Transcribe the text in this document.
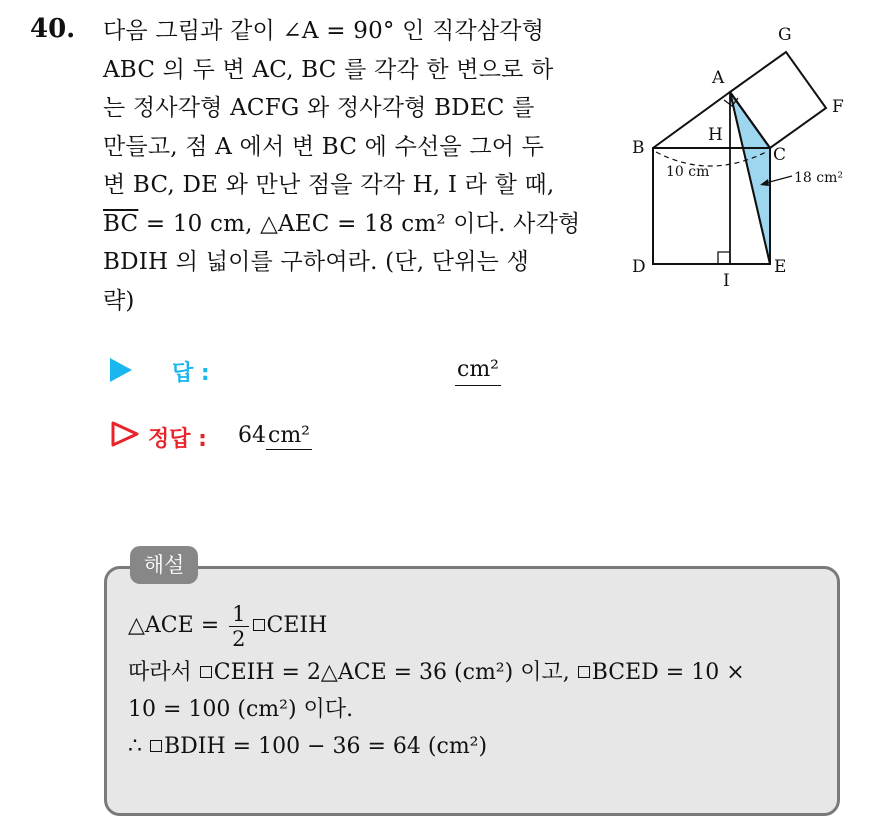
40. 다음 그림과 같이 ∠A = 90° 인 직각삼각형
ABC 의 두 변 AC, BC 를 각각 한 변으로 하
는 정사각형 ACFG 와 정사각형 BDEC 를
만들고, 점 A 에서 변 BC 에 수선을 그어 두
변 BC, DE 와 만난 점을 각각 H, I 라 할 때,
$\overline{BC} = 10$ cm, △AEC = 18 cm² 이다. 사각형
BDIH 의 넓이를 구하여라. (단, 단위는 생
략)
G
A
F
H
B	C
D	E
I
10 cm	18 cm²
답 :	cm²
정답 : 64cm²
해설
△ACE = $\frac{1}{2}$ CEIH
따라서 CEIH = 2△ACE = 36 (cm²) 이고, BCED = 10 ×
10 = 100 (cm²) 이다.
∴ BDIH = 100 − 36 = 64 (cm²)
